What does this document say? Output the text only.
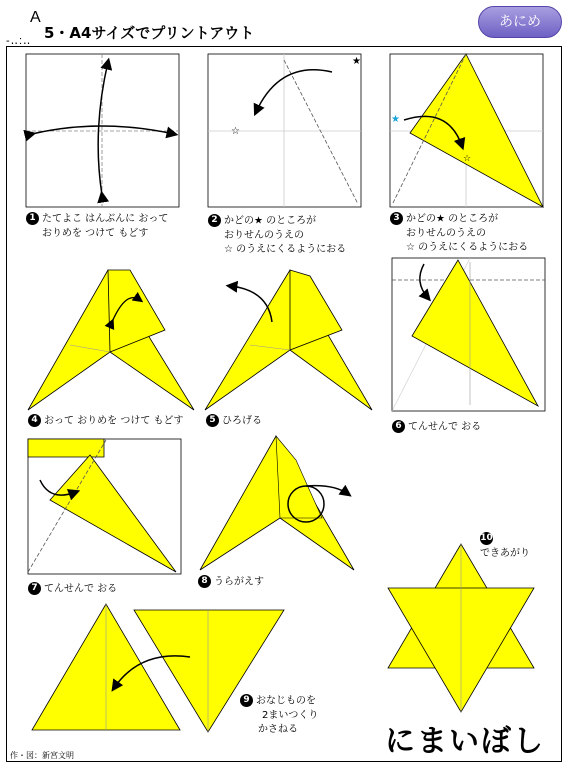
A
-‥:‥ 5・A4サイズでプリントアウト
あにめ
★
☆
★
☆
1 たてよこ はんぶんに おって
おりめを つけて もどす
2 かどの★ のところが
おりせんのうえの
☆ のうえにくるようにおる
3 かどの★ のところが
おりせんのうえの
☆ のうえにくるようにおる
4 おって おりめを つけて もどす	5 ひろげる	6 てんせんで おる
7 てんせんで おる
8 うらがえす
9 おなじものを
2まいつくり
かさねる
10
できあがり
にまいぼし
作・図：新宮文明
